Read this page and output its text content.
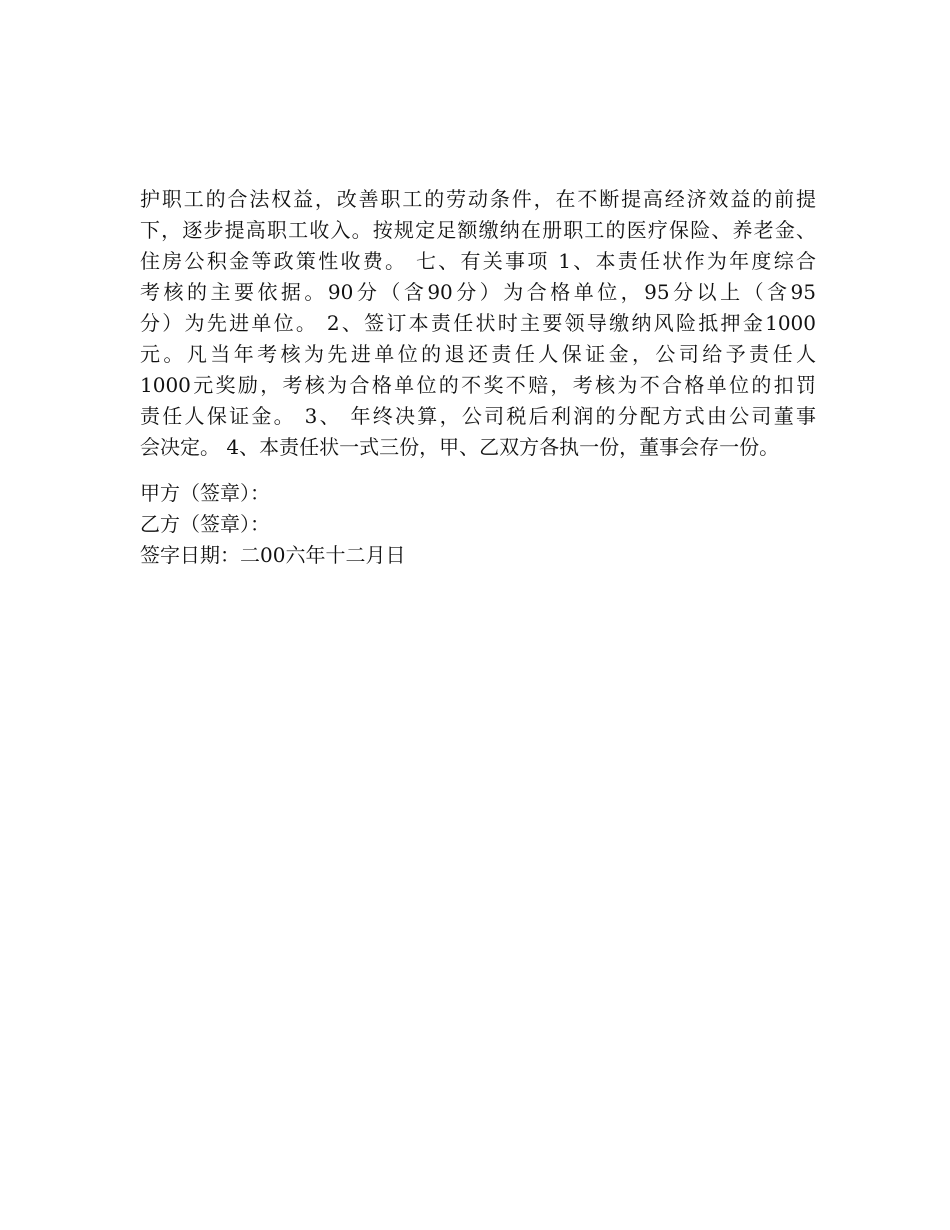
护职工的合法权益，改善职工的劳动条件，在不断提高经济效益的前提
下，逐步提高职工收入。按规定足额缴纳在册职工的医疗保险、养老金、
住房公积金等政策性收费。 七、有关事项 1、本责任状作为年度综合
考核的主要依据。90分（含90分）为合格单位，95分以上（含95
分）为先进单位。 2、签订本责任状时主要领导缴纳风险抵押金1000
元。凡当年考核为先进单位的退还责任人保证金，公司给予责任人
1000元奖励，考核为合格单位的不奖不赔，考核为不合格单位的扣罚
责任人保证金。 3、 年终决算，公司税后利润的分配方式由公司董事
会决定。 4、本责任状一式三份，甲、乙双方各执一份，董事会存一份。
甲方（签章）：
乙方（签章）：
签字日期：二00六年十二月日
